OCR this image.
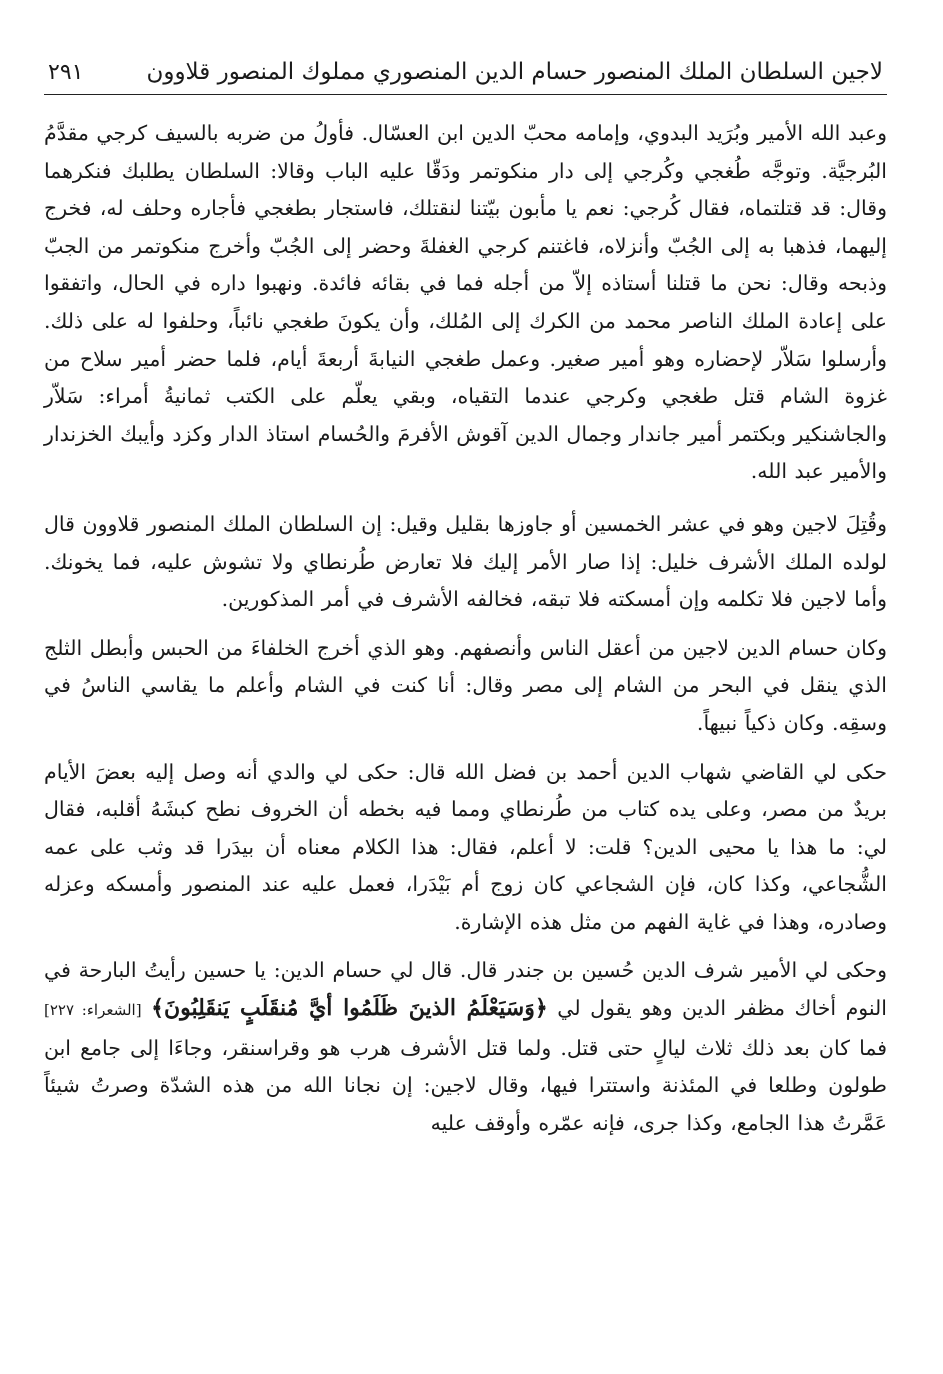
لاجين السلطان الملك المنصور حسام الدين المنصوري مملوك المنصور قلاوون
٢٩١

وعبد الله الأمير وبُرَيد البدوي، وإمامه محبّ الدين ابن العسّال. فأولُ من ضربه بالسيف كرجي مقدَّمُ البُرجيَّة. وتوجَّه طُغجي وكُرجي إلى دار منكوتمر ودَقّا عليه الباب وقالا: السلطان يطلبك فنكرهما وقال: قد قتلتماه، فقال كُرجي: نعم يا مأبون بيّتنا لنقتلك، فاستجار بطغجي فأجاره وحلف له، فخرج إليهما، فذهبا به إلى الجُبّ وأنزلاه، فاغتنم كرجي الغفلةَ وحضر إلى الجُبّ وأخرج منكوتمر من الجبّ وذبحه وقال: نحن ما قتلنا أستاذه إلاّ من أجله فما في بقائه فائدة. ونهبوا داره في الحال، واتفقوا على إعادة الملك الناصر محمد من الكرك إلى المُلك، وأن يكونَ طغجي نائباً، وحلفوا له على ذلك. وأرسلوا سَلاّر لإحضاره وهو أمير صغير. وعمل طغجي النيابةَ أربعةَ أيام، فلما حضر أمير سلاح من غزوة الشام قتل طغجي وكرجي عندما التقياه، وبقي يعلّم على الكتب ثمانيةُ أمراء: سَلاّر والجاشنكير وبكتمر أمير جاندار وجمال الدين آقوش الأفرمَ والحُسام استاذ الدار وكزد وأيبك الخزندار والأمير عبد الله.

وقُتِلَ لاجين وهو في عشر الخمسين أو جاوزها بقليل وقيل: إن السلطان الملك المنصور قلاوون قال لولده الملك الأشرف خليل: إذا صار الأمر إليك فلا تعارض طُرنطاي ولا تشوش عليه، فما يخونك. وأما لاجين فلا تكلمه وإن أمسكته فلا تبقه، فخالفه الأشرف في أمر المذكورين.

وكان حسام الدين لاجين من أعقل الناس وأنصفهم. وهو الذي أخرج الخلفاءَ من الحبس وأبطل الثلج الذي ينقل في البحر من الشام إلى مصر وقال: أنا كنت في الشام وأعلم ما يقاسي الناسُ في وسقِه. وكان ذكياً نبيهاً.

حكى لي القاضي شهاب الدين أحمد بن فضل الله قال: حكى لي والدي أنه وصل إليه بعضَ الأيام بريدٌ من مصر، وعلى يده كتاب من طُرنطاي ومما فيه بخطه أن الخروف نطح كبشَهُ أقلبه، فقال لي: ما هذا يا محيى الدين؟ قلت: لا أعلم، فقال: هذا الكلام معناه أن بيدَرا قد وثب على عمه الشُّجاعي، وكذا كان، فإن الشجاعي كان زوج أم بَيْدَرا، فعمل عليه عند المنصور وأمسكه وعزله وصادره، وهذا في غاية الفهم من مثل هذه الإشارة.

وحكى لي الأمير شرف الدين حُسين بن جندر قال. قال لي حسام الدين: يا حسين رأيتُ البارحة في النوم أخاك مظفر الدين وهو يقول لي ﴿وَسَيَعْلَمُ الذينَ ظَلَمُوا أيَّ مُنقَلَبٍ يَنقَلِبُونَ﴾ [الشعراء: ٢٢٧] فما كان بعد ذلك ثلاث ليالٍ حتى قتل. ولما قتل الأشرف هرب هو وقراسنقر، وجاءَا إلى جامع ابن طولون وطلعا في المئذنة واستترا فيها، وقال لاجين: إن نجانا الله من هذه الشدّة وصرتُ شيئاً عَمَّرتُ هذا الجامع، وكذا جرى، فإنه عمّره وأوقف عليه
